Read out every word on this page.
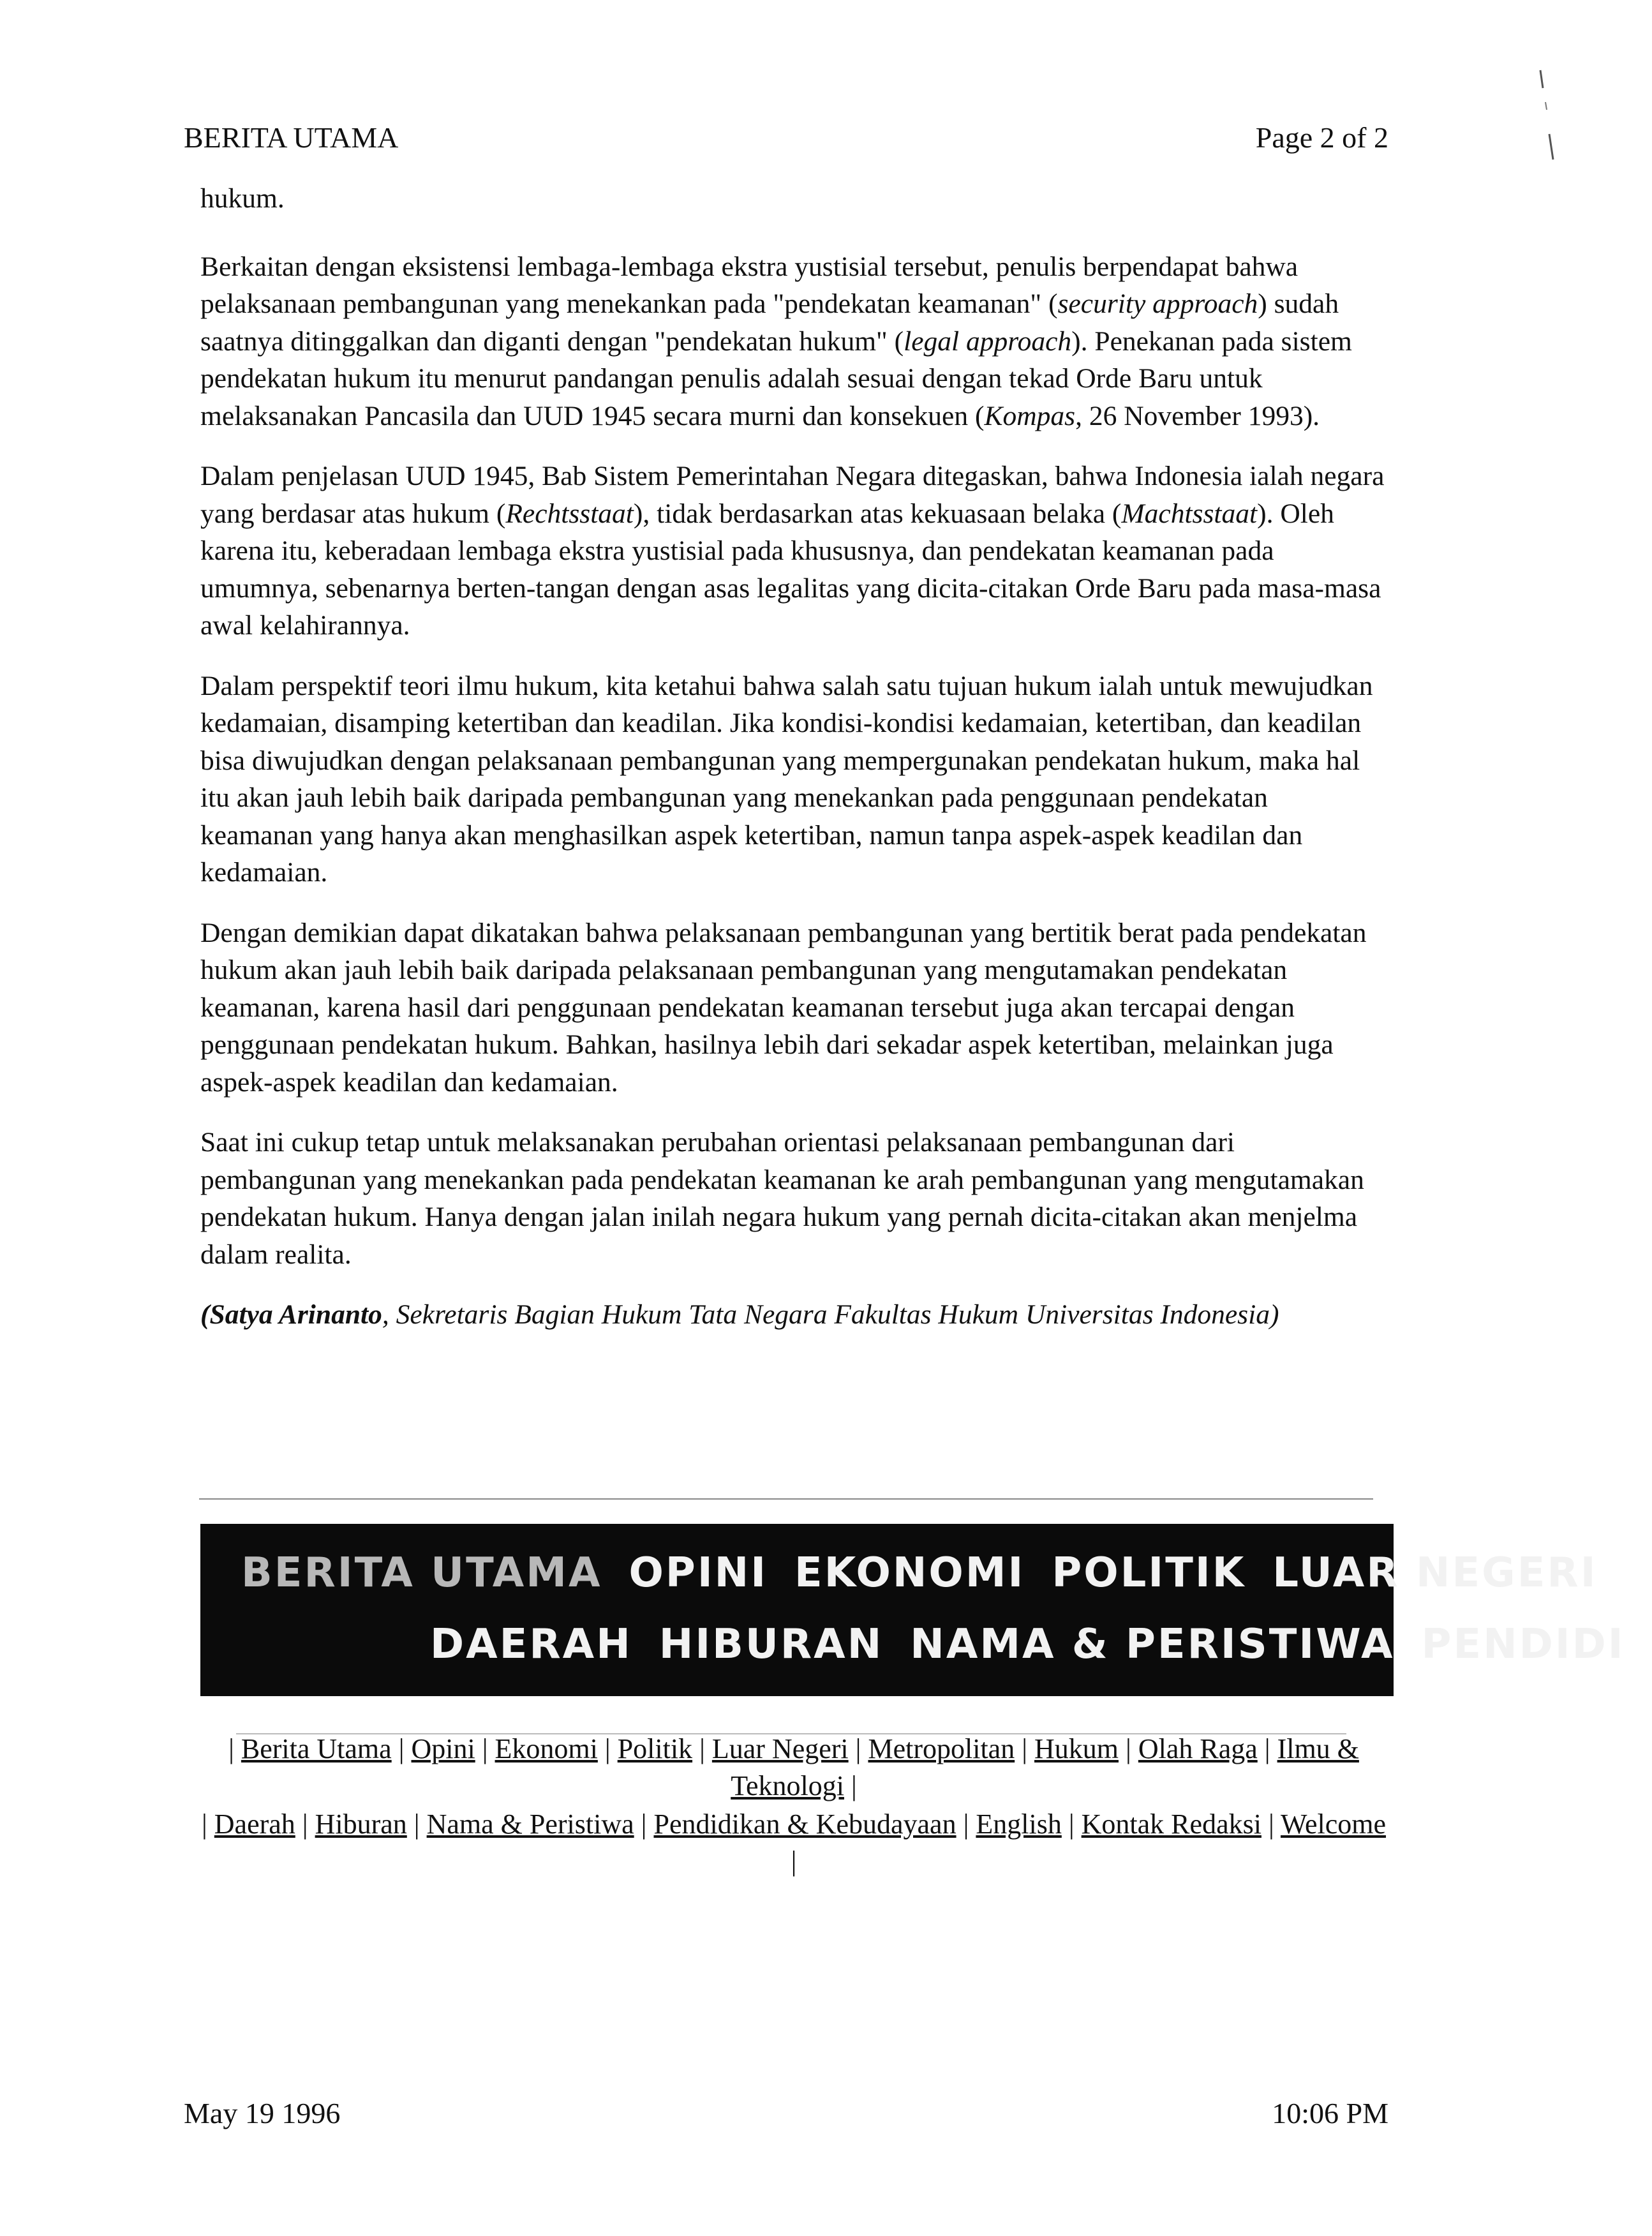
BERITA UTAMA	Page 2 of 2

hukum.

Berkaitan dengan eksistensi lembaga-lembaga ekstra yustisial tersebut, penulis berpendapat bahwa pelaksanaan pembangunan yang menekankan pada "pendekatan keamanan" (security approach) sudah saatnya ditinggalkan dan diganti dengan "pendekatan hukum" (legal approach). Penekanan pada sistem pendekatan hukum itu menurut pandangan penulis adalah sesuai dengan tekad Orde Baru untuk melaksanakan Pancasila dan UUD 1945 secara murni dan konsekuen (Kompas, 26 November 1993).

Dalam penjelasan UUD 1945, Bab Sistem Pemerintahan Negara ditegaskan, bahwa Indonesia ialah negara yang berdasar atas hukum (Rechtsstaat), tidak berdasarkan atas kekuasaan belaka (Machtsstaat). Oleh karena itu, keberadaan lembaga ekstra yustisial pada khususnya, dan pendekatan keamanan pada umumnya, sebenarnya berten-tangan dengan asas legalitas yang dicita-citakan Orde Baru pada masa-masa awal kelahirannya.

Dalam perspektif teori ilmu hukum, kita ketahui bahwa salah satu tujuan hukum ialah untuk mewujudkan kedamaian, disamping ketertiban dan keadilan. Jika kondisi-kondisi kedamaian, ketertiban, dan keadilan bisa diwujudkan dengan pelaksanaan pembangunan yang mempergunakan pendekatan hukum, maka hal itu akan jauh lebih baik daripada pembangunan yang menekankan pada penggunaan pendekatan keamanan yang hanya akan menghasilkan aspek ketertiban, namun tanpa aspek-aspek keadilan dan kedamaian.

Dengan demikian dapat dikatakan bahwa pelaksanaan pembangunan yang bertitik berat pada pendekatan hukum akan jauh lebih baik daripada pelaksanaan pembangunan yang mengutamakan pendekatan keamanan, karena hasil dari penggunaan pendekatan keamanan tersebut juga akan tercapai dengan penggunaan pendekatan hukum. Bahkan, hasilnya lebih dari sekadar aspek ketertiban, melainkan juga aspek-aspek keadilan dan kedamaian.

Saat ini cukup tetap untuk melaksanakan perubahan orientasi pelaksanaan pembangunan dari pembangunan yang menekankan pada pendekatan keamanan ke arah pembangunan yang mengutamakan pendekatan hukum. Hanya dengan jalan inilah negara hukum yang pernah dicita-citakan akan menjelma dalam realita.

(Satya Arinanto, Sekretaris Bagian Hukum Tata Negara Fakultas Hukum Universitas Indonesia)

BERITA UTAMA OPINI EKONOMI POLITIK LUAR NEGERI
DAERAH HIBURAN NAMA & PERISTIWA PENDIDI
| Berita Utama | Opini | Ekonomi | Politik | Luar Negeri | Metropolitan | Hukum | Olah Raga | Ilmu & Teknologi |
| Daerah | Hiburan | Nama & Peristiwa | Pendidikan & Kebudayaan | English | Kontak Redaksi | Welcome |
May 19 1996	10:06 PM
